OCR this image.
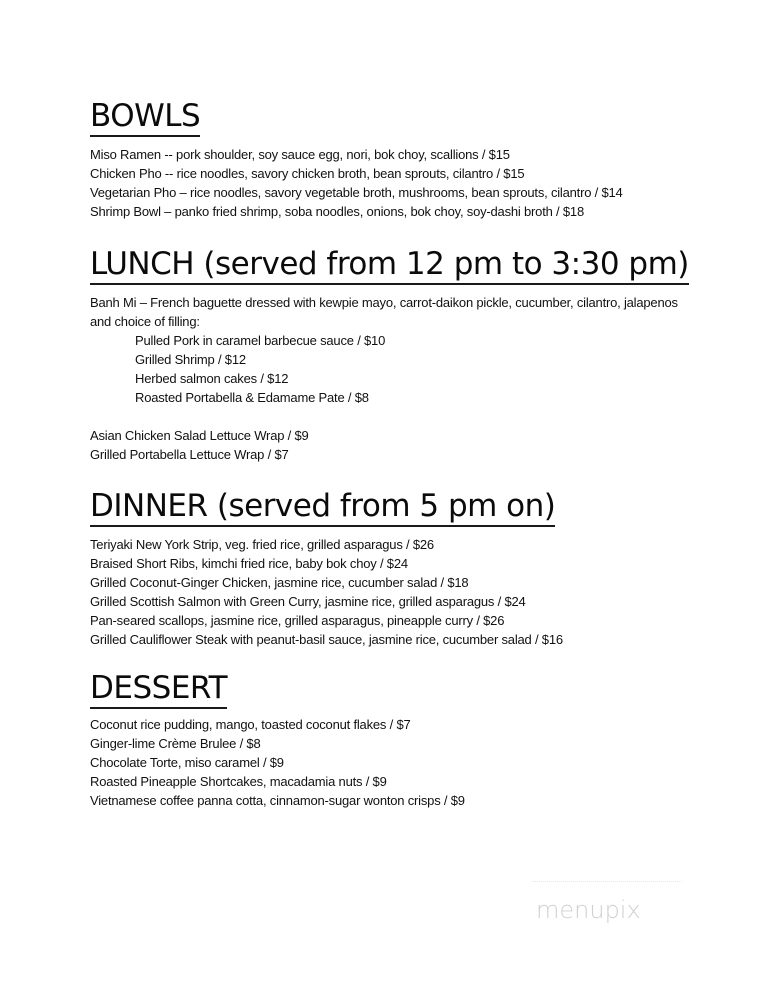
BOWLS
Miso Ramen -- pork shoulder, soy sauce egg, nori, bok choy, scallions / $15
Chicken Pho -- rice noodles, savory chicken broth, bean sprouts, cilantro / $15
Vegetarian Pho – rice noodles, savory vegetable broth, mushrooms, bean sprouts, cilantro / $14
Shrimp Bowl – panko fried shrimp, soba noodles, onions, bok choy, soy-dashi broth / $18
LUNCH (served from 12 pm to 3:30 pm)
Banh Mi – French baguette dressed with kewpie mayo, carrot-daikon pickle, cucumber, cilantro, jalapenos
and choice of filling:
Pulled Pork in caramel barbecue sauce / $10
Grilled Shrimp / $12
Herbed salmon cakes / $12
Roasted Portabella & Edamame Pate / $8
Asian Chicken Salad Lettuce Wrap / $9
Grilled Portabella Lettuce Wrap / $7
DINNER (served from 5 pm on)
Teriyaki New York Strip, veg. fried rice, grilled asparagus / $26
Braised Short Ribs, kimchi fried rice, baby bok choy / $24
Grilled Coconut-Ginger Chicken, jasmine rice, cucumber salad / $18
Grilled Scottish Salmon with Green Curry, jasmine rice, grilled asparagus / $24
Pan-seared scallops, jasmine rice, grilled asparagus, pineapple curry / $26
Grilled Cauliflower Steak with peanut-basil sauce, jasmine rice, cucumber salad / $16
DESSERT
Coconut rice pudding, mango, toasted coconut flakes / $7
Ginger-lime Crème Brulee / $8
Chocolate Torte, miso caramel / $9
Roasted Pineapple Shortcakes, macadamia nuts / $9
Vietnamese coffee panna cotta, cinnamon-sugar wonton crisps / $9
menupix
